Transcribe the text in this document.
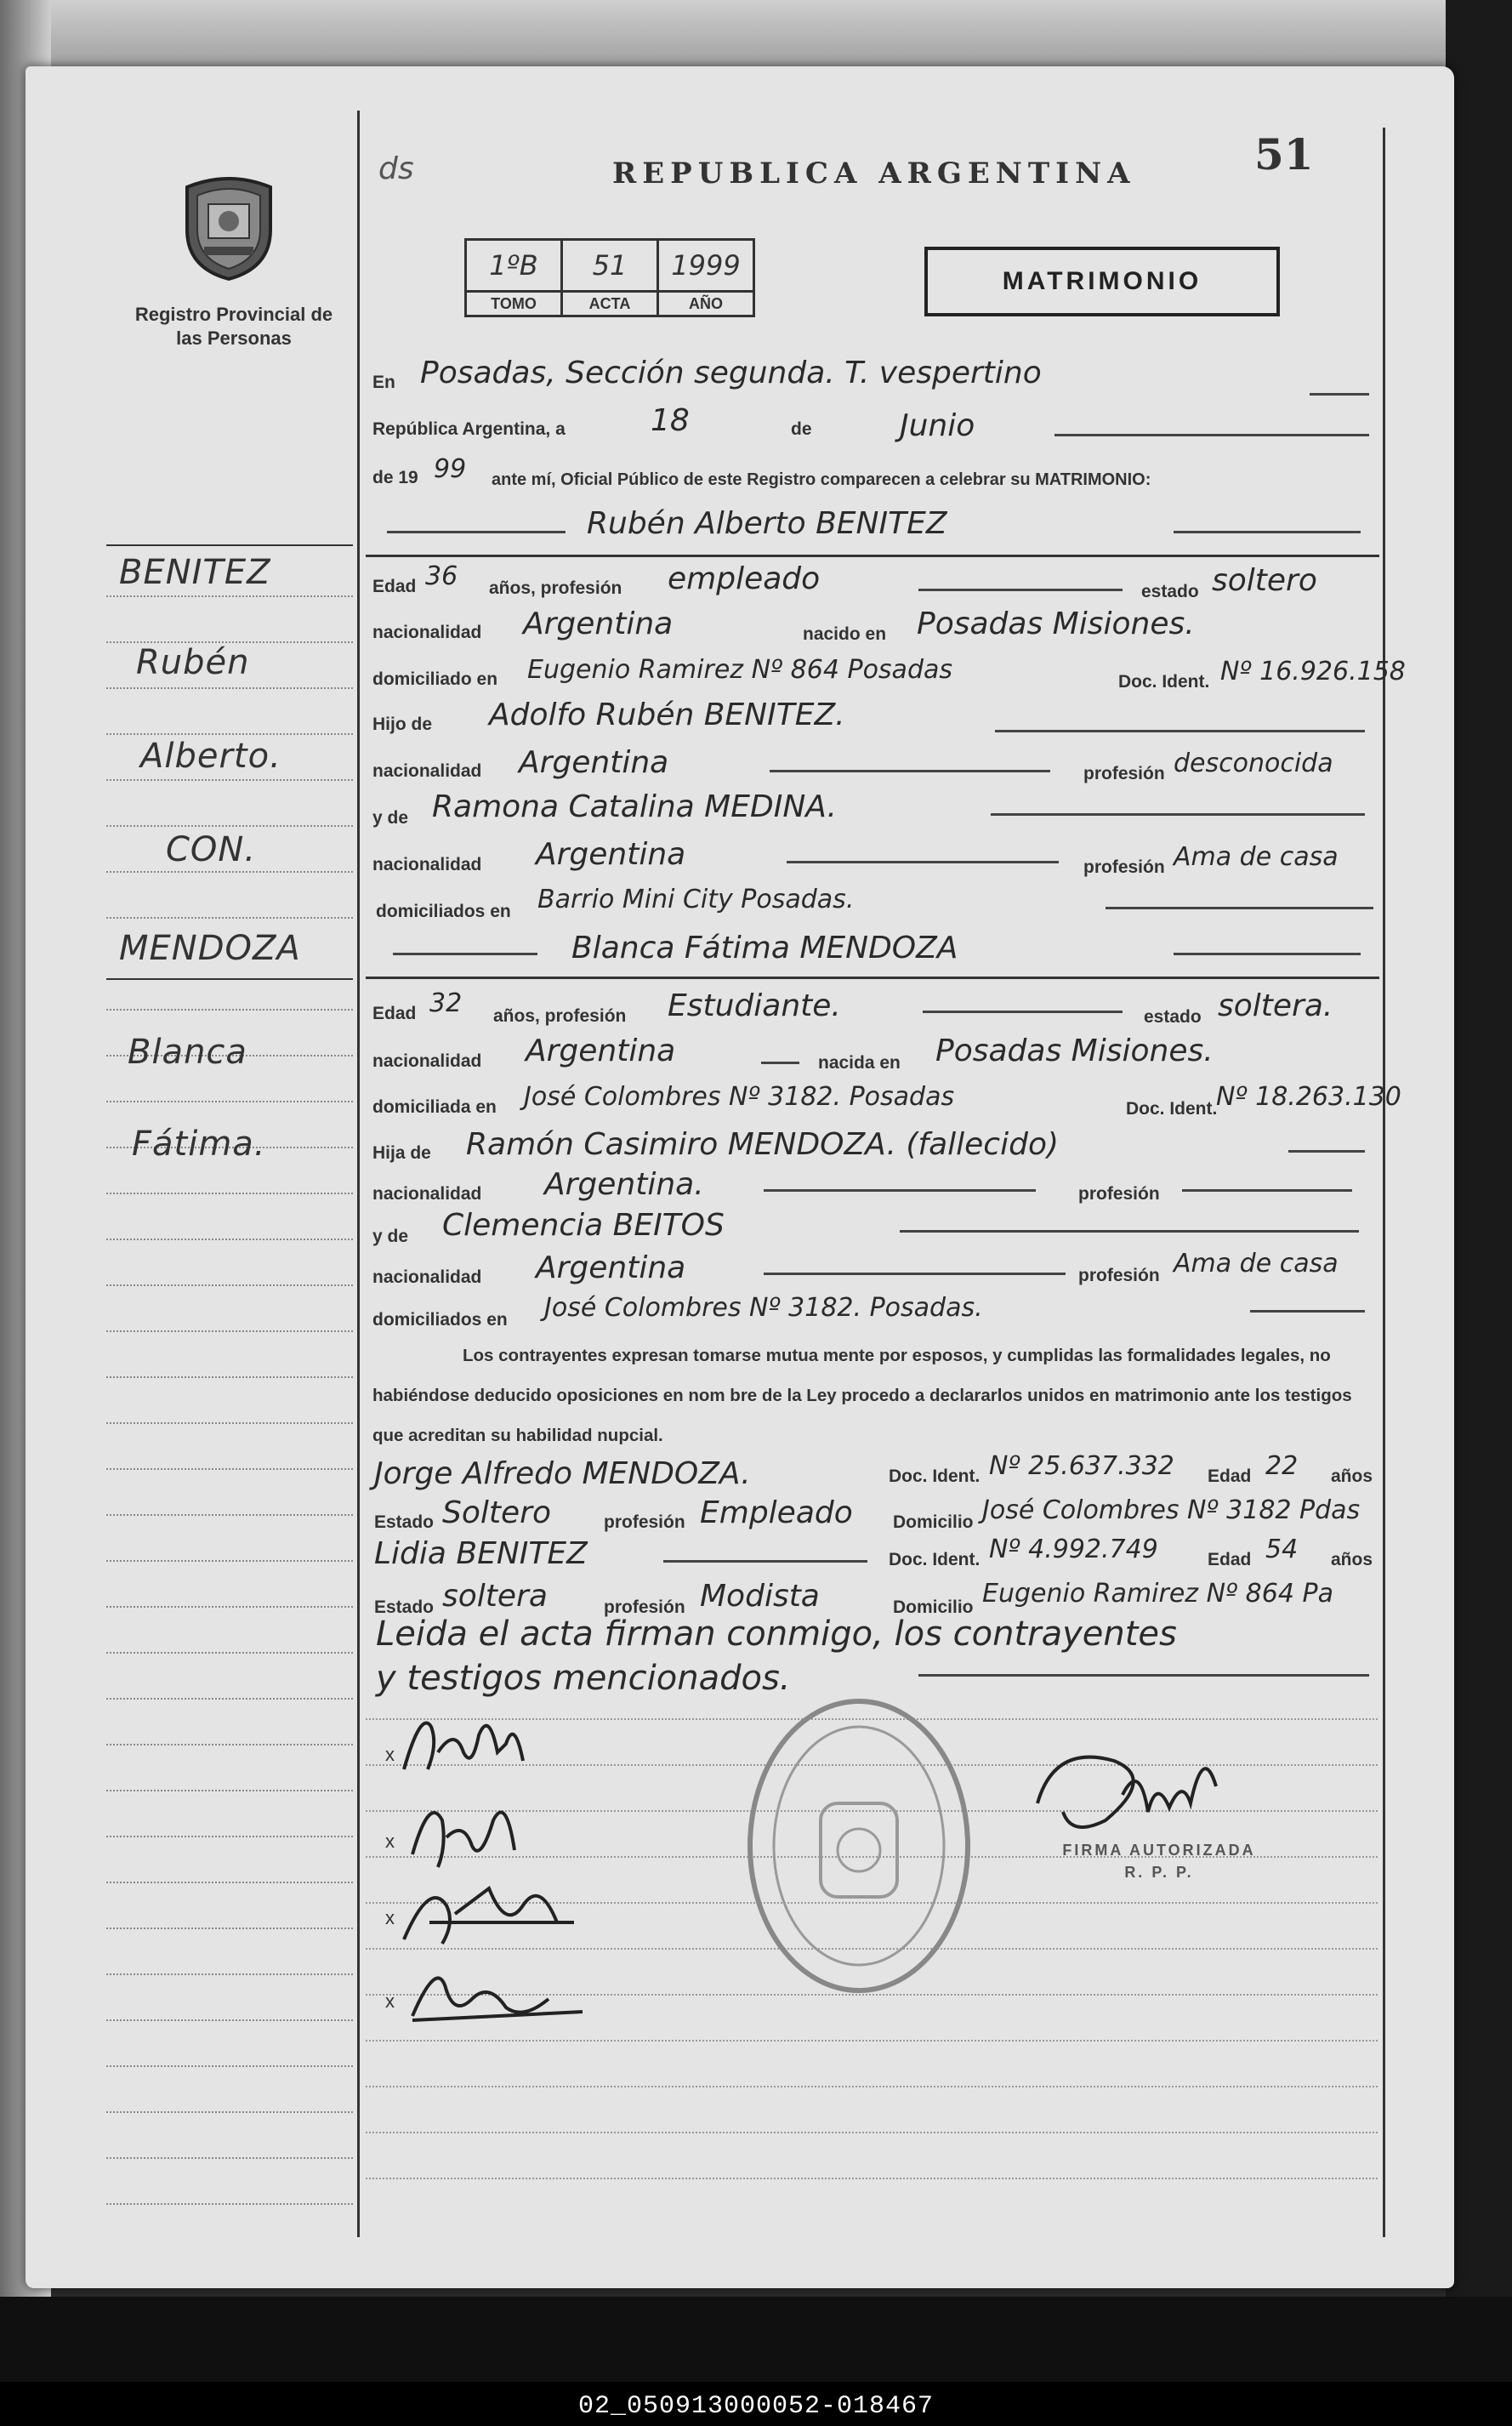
Registro Provincial de las Personas
BENITEZ
Rubén
Alberto.
CON.
MENDOZA
Blanca
Fátima.
ds	REPUBLICA ARGENTINA	51
1ºB	51	1999
TOMO	ACTA	AÑO
MATRIMONIO
En Posadas, Sección segunda. T. vespertino
República Argentina, a	18	de	Junio
de 19 99 ante mí, Oficial Público de este Registro comparecen a celebrar su MATRIMONIO:
Rubén Alberto BENITEZ
Edad 36 años, profesión empleado	estado soltero
nacionalidad Argentina	nacido en Posadas Misiones.
domiciliado en Eugenio Ramirez Nº 864 Posadas	Doc. Ident. Nº 16.926.158
Hijo de Adolfo Rubén BENITEZ.
nacionalidad Argentina	profesión desconocida
y de Ramona Catalina MEDINA.
nacionalidad Argentina	profesión Ama de casa
domiciliados en Barrio Mini City Posadas.
Blanca Fátima MENDOZA
Edad 32 años, profesión Estudiante.	estado soltera.
nacionalidad Argentina	nacida en Posadas Misiones.
domiciliada en José Colombres Nº 3182. Posadas	Doc. Ident.
Nº 18.263.130
Hija de Ramón Casimiro MENDOZA. (fallecido)
nacionalidad Argentina.	profesión
y de Clemencia BEITOS
nacionalidad Argentina	profesión Ama de casa
domiciliados en José Colombres Nº 3182. Posadas.
Los contrayentes expresan tomarse mutua mente por esposos, y cumplidas las formalidades legales, no habiéndose deducido oposiciones en nom bre de la Ley procedo a declararlos unidos en matrimonio ante los testigos que acreditan su habilidad nupcial.
Jorge Alfredo MENDOZA.	Doc. Ident. Nº 25.637.332 Edad 22 años
Estado Soltero	profesión Empleado Domicilio José Colombres Nº 3182 Pdas
Lidia BENITEZ	Doc. Ident. Nº 4.992.749	Edad 54 años
Estado soltera	profesión Modista	Domicilio Eugenio Ramirez Nº 864 Pa
Leida el acta firman conmigo, los contrayentes
y testigos mencionados.
x
x
x
x
FIRMA AUTORIZADA
R. P. P.
02_050913000052-018467
